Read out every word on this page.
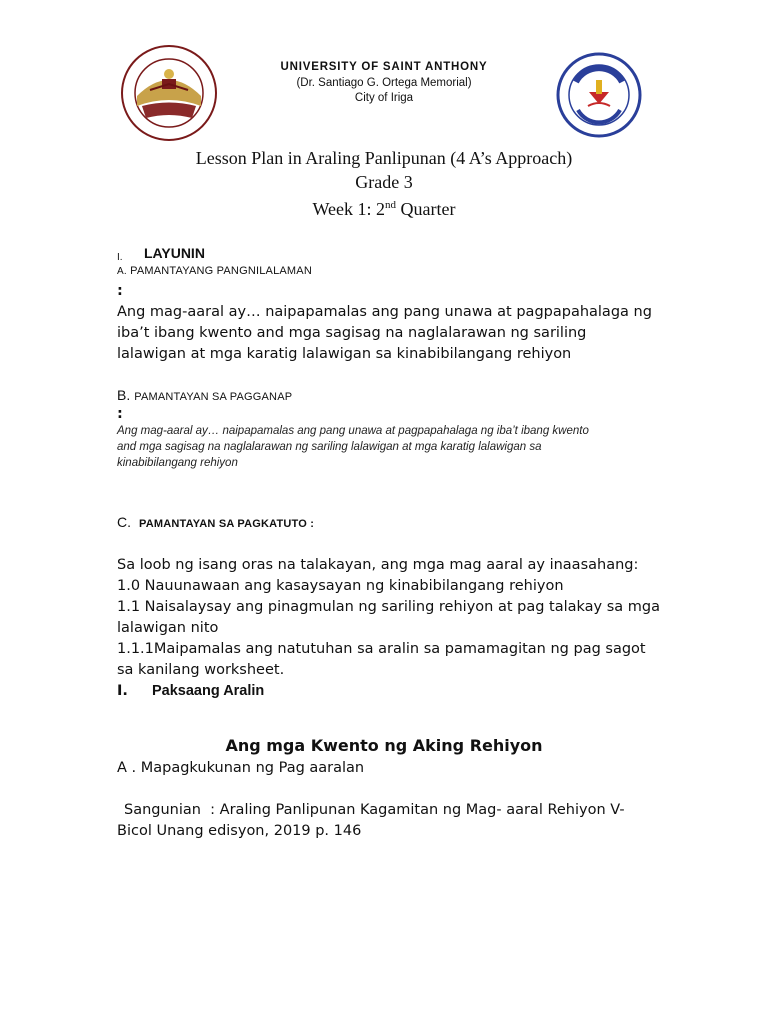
UNIVERSITY OF SAINT ANTHONY
(Dr. Santiago G. Ortega Memorial)
City of Iriga
Lesson Plan in Araling Panlipunan (4 A’s Approach)
Grade 3
Week 1: 2nd Quarter
I. LAYUNIN
A. PAMANTAYANG PANGNILALAMAN
:
Ang mag-aaral ay… naipapamalas ang pang unawa at pagpapahalaga ng
iba’t ibang kwento and mga sagisag na naglalarawan ng sariling
lalawigan at mga karatig lalawigan sa kinabibilangang rehiyon
B. PAMANTAYAN SA PAGGANAP
:
Ang mag-aaral ay… naipapamalas ang pang unawa at pagpapahalaga ng iba’t ibang kwento
and mga sagisag na naglalarawan ng sariling lalawigan at mga karatig lalawigan sa
kinabibilangang rehiyon
C. PAMANTAYAN SA PAGKATUTO :
Sa loob ng isang oras na talakayan, ang mga mag aaral ay inaasahang:
1.0 Nauunawaan ang kasaysayan ng kinabibilangang rehiyon
1.1 Naisalaysay ang pinagmulan ng sariling rehiyon at pag talakay sa mga
lalawigan nito
1.1.1Maipamalas ang natutuhan sa aralin sa pamamagitan ng pag sagot
sa kanilang worksheet.
I. Paksaang Aralin
Ang mga Kwento ng Aking Rehiyon
A . Mapagkukunan ng Pag aaralan
Sangunian  : Araling Panlipunan Kagamitan ng Mag- aaral Rehiyon V-
Bicol Unang edisyon, 2019 p. 146
